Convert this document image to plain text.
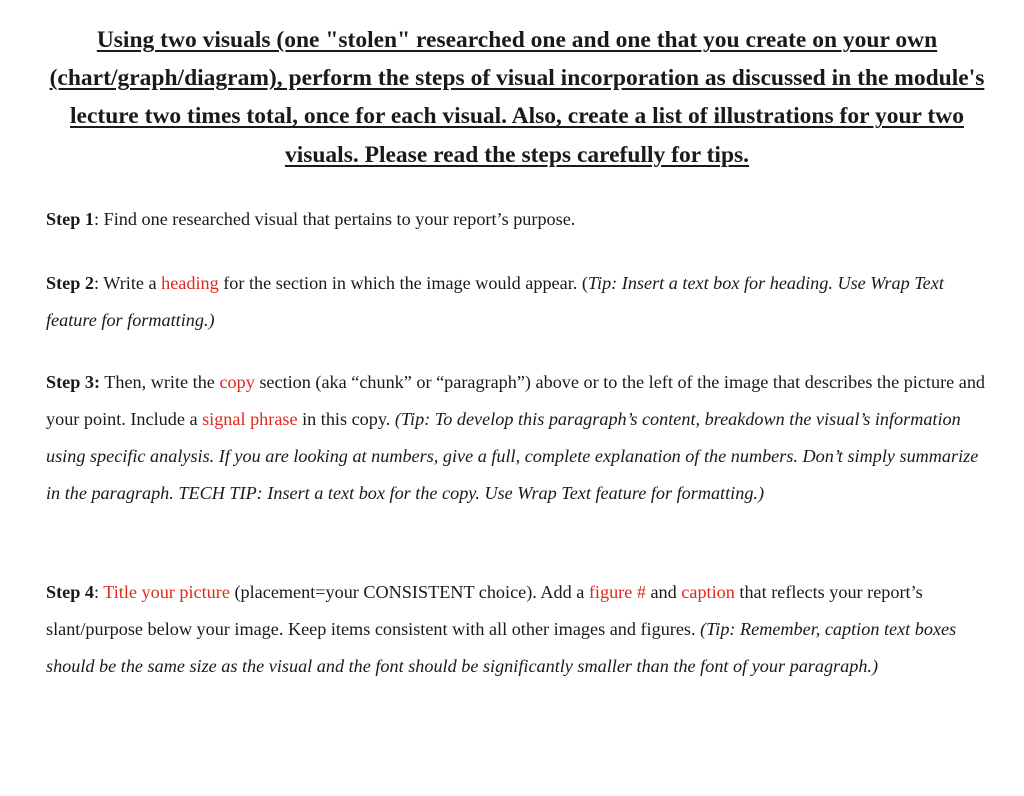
Using two visuals (one "stolen" researched one and one that you create on your own (chart/graph/diagram), perform the steps of visual incorporation as discussed in the module's lecture two times total, once for each visual. Also, create a list of illustrations for your two visuals. Please read the steps carefully for tips.
Step 1: Find one researched visual that pertains to your report’s purpose.
Step 2: Write a heading for the section in which the image would appear. (Tip: Insert a text box for heading. Use Wrap Text feature for formatting.)
Step 3: Then, write the copy section (aka “chunk” or “paragraph”) above or to the left of the image that describes the picture and your point. Include a signal phrase in this copy. (Tip: To develop this paragraph’s content, breakdown the visual’s information using specific analysis. If you are looking at numbers, give a full, complete explanation of the numbers. Don’t simply summarize in the paragraph. TECH TIP: Insert a text box for the copy. Use Wrap Text feature for formatting.)
Step 4: Title your picture (placement=your CONSISTENT choice). Add a figure # and caption that reflects your report’s slant/purpose below your image. Keep items consistent with all other images and figures. (Tip: Remember, caption text boxes should be the same size as the visual and the font should be significantly smaller than the font of your paragraph.)
